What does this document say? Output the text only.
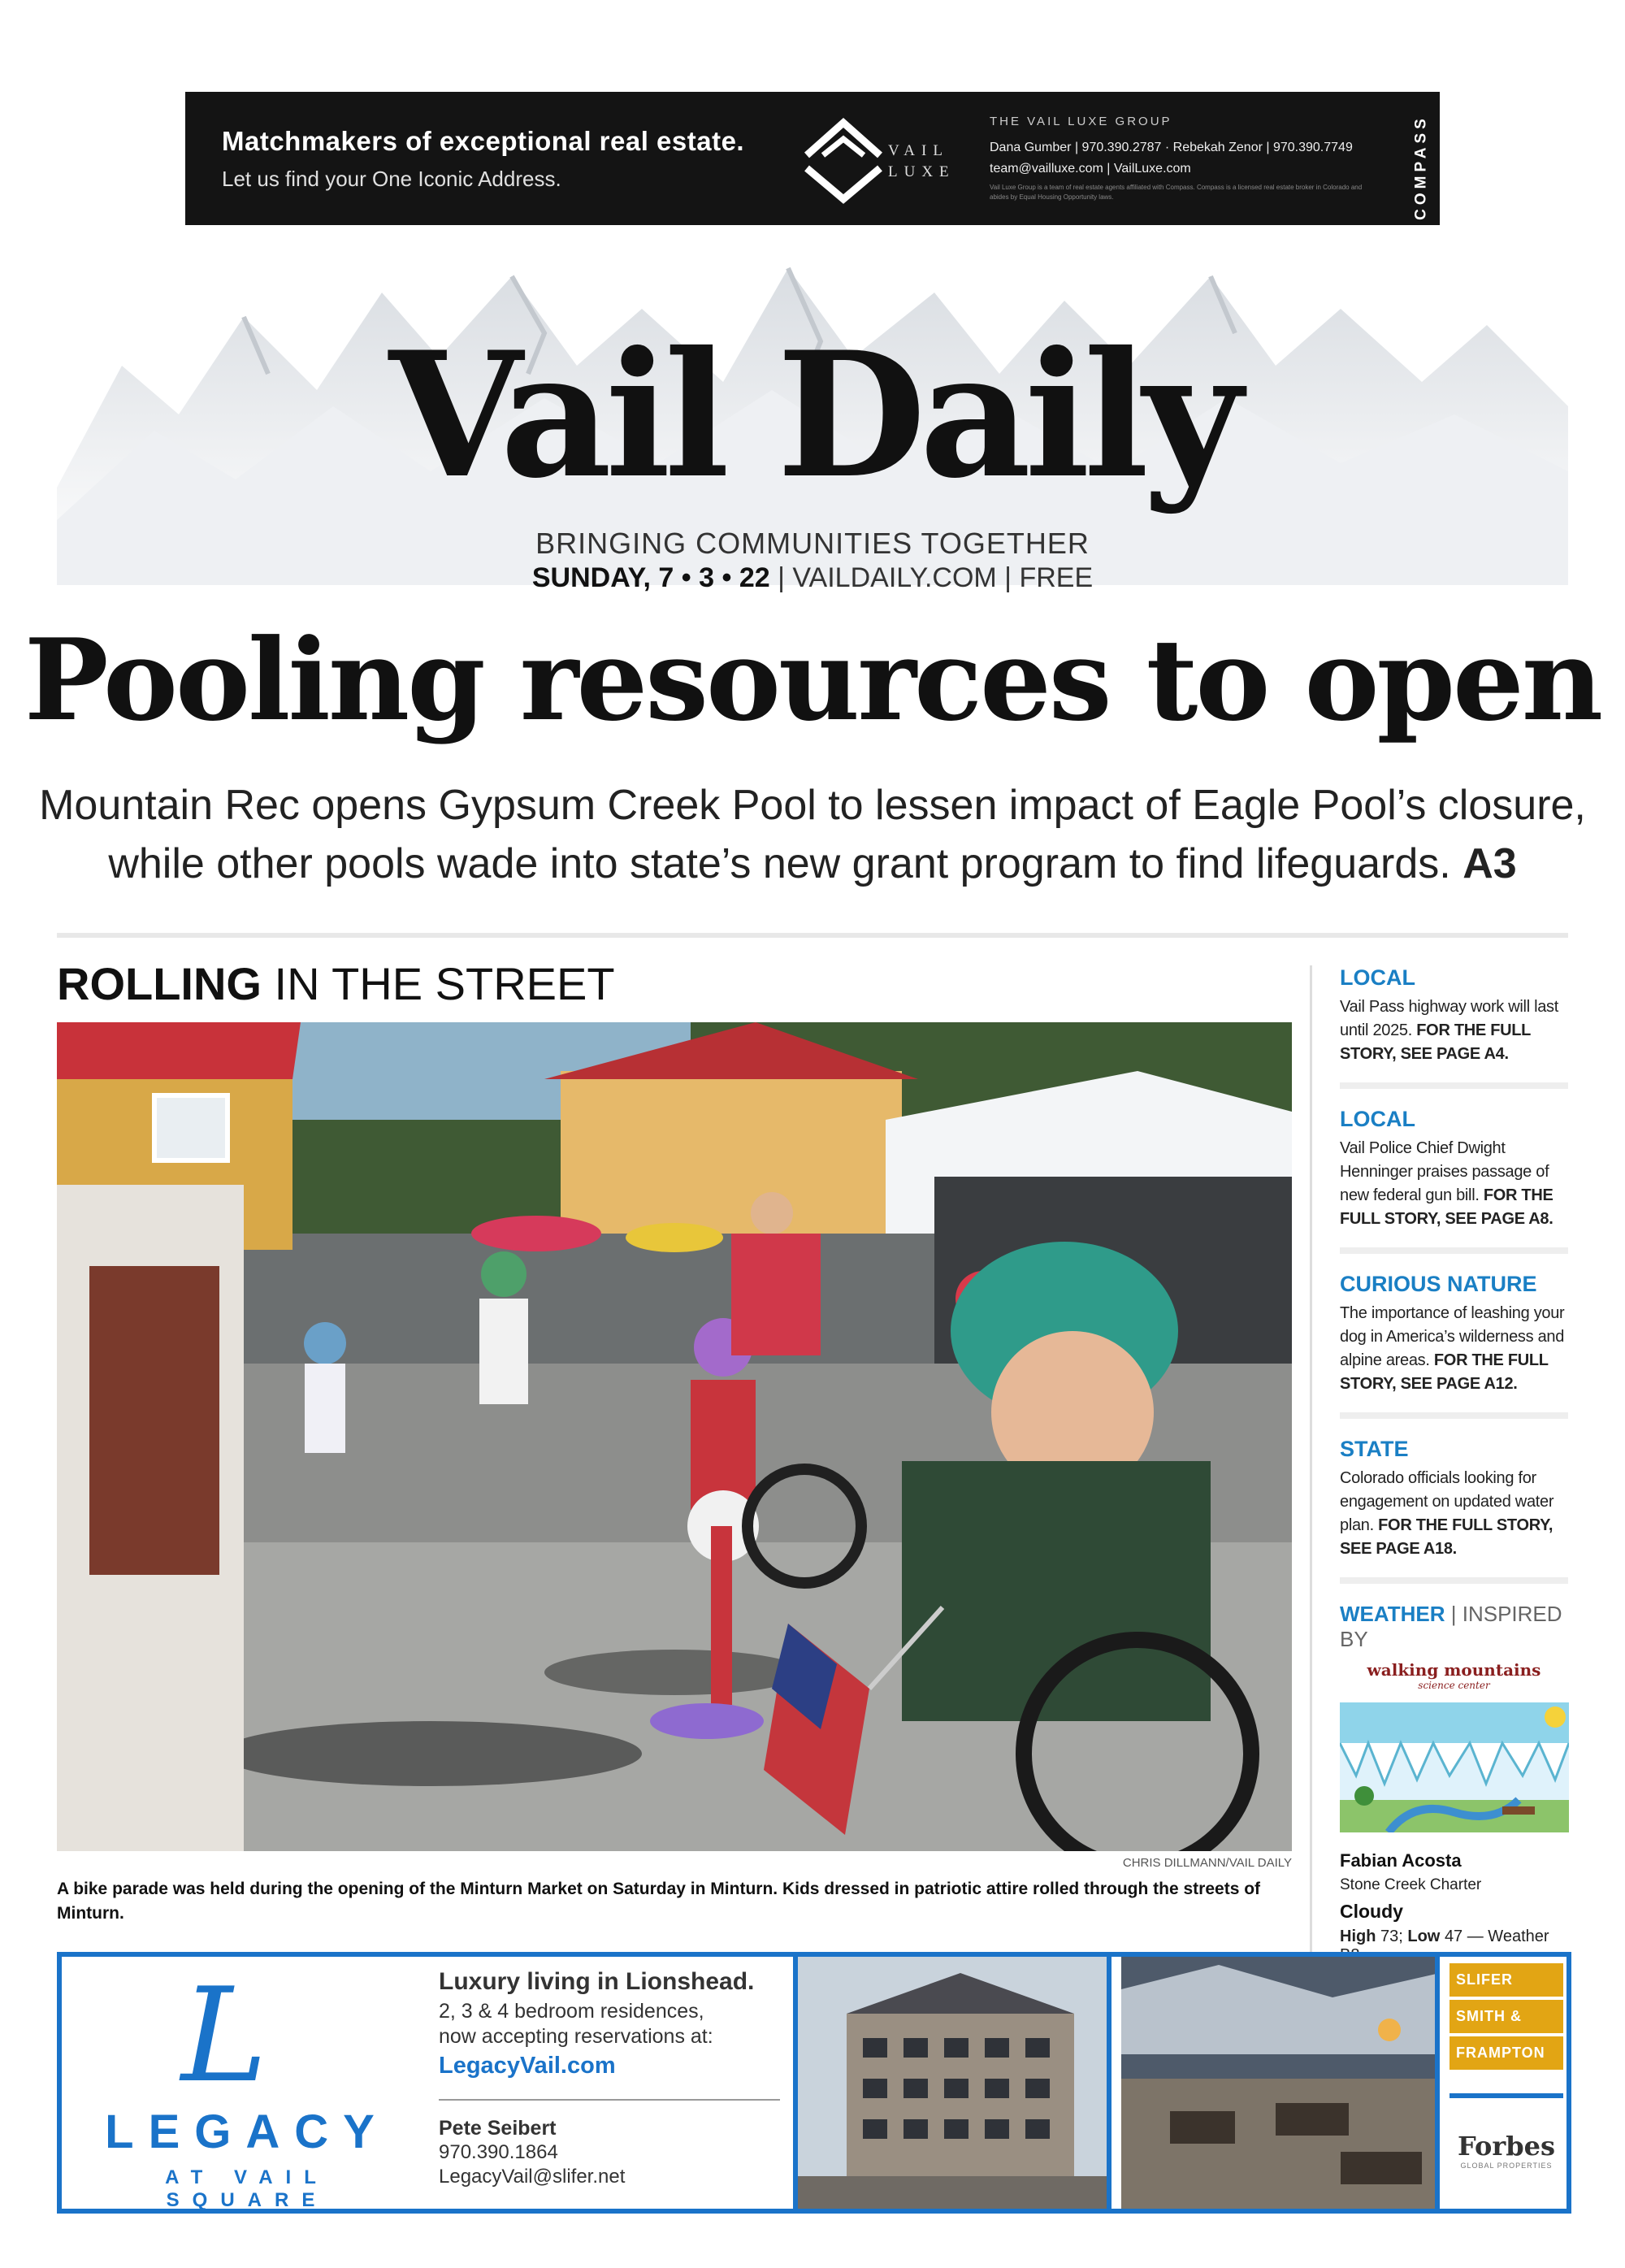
Matchmakers of exceptional real estate.
Let us find your One Iconic Address.
VAIL
LUXE
THE VAIL LUXE GROUP
Dana Gumber | 970.390.2787 · Rebekah Zenor | 970.390.7749
team@vailluxe.com | VailLuxe.com
Vail Luxe Group is a team of real estate agents affiliated with Compass. Compass is a licensed real estate broker in Colorado and abides by Equal Housing Opportunity laws.	COMPASS
Vail Daily
BRINGING COMMUNITIES TOGETHER
SUNDAY, 7 • 3 • 22 | VAILDAILY.COM | FREE
Pooling resources to open
Mountain Rec opens Gypsum Creek Pool to lessen impact of Eagle Pool’s closure,
while other pools wade into state’s new grant program to find lifeguards. A3
ROLLING IN THE STREET
CHRIS DILLMANN/VAIL DAILY
A bike parade was held during the opening of the Minturn Market on Saturday in Minturn. Kids dressed in patriotic attire rolled through the streets of Minturn.
LOCAL
Vail Pass highway work will last until 2025. FOR THE FULL STORY, SEE PAGE A4.
LOCAL
Vail Police Chief Dwight Henninger praises passage of new federal gun bill. FOR THE FULL STORY, SEE PAGE A8.
CURIOUS NATURE
The importance of leashing your dog in America’s wilderness and alpine areas. FOR THE FULL STORY, SEE PAGE A12.
STATE
Colorado officials looking for engagement on updated water plan. FOR THE FULL STORY, SEE PAGE A18.
WEATHER | INSPIRED BY
walking mountains
science center
Fabian Acosta
Stone Creek Charter
Cloudy
High 73; Low 47 — Weather
L
LEGACY
AT VAIL SQUARE
Luxury living in Lionshead.
2, 3 & 4 bedroom residences,
now accepting reservations at:
LegacyVail.com
Pete Seibert
970.390.1864
LegacyVail@slifer.net
SLIFER
SMITH &
FRAMPTON
Forbes
GLOBAL PROPERTIES
